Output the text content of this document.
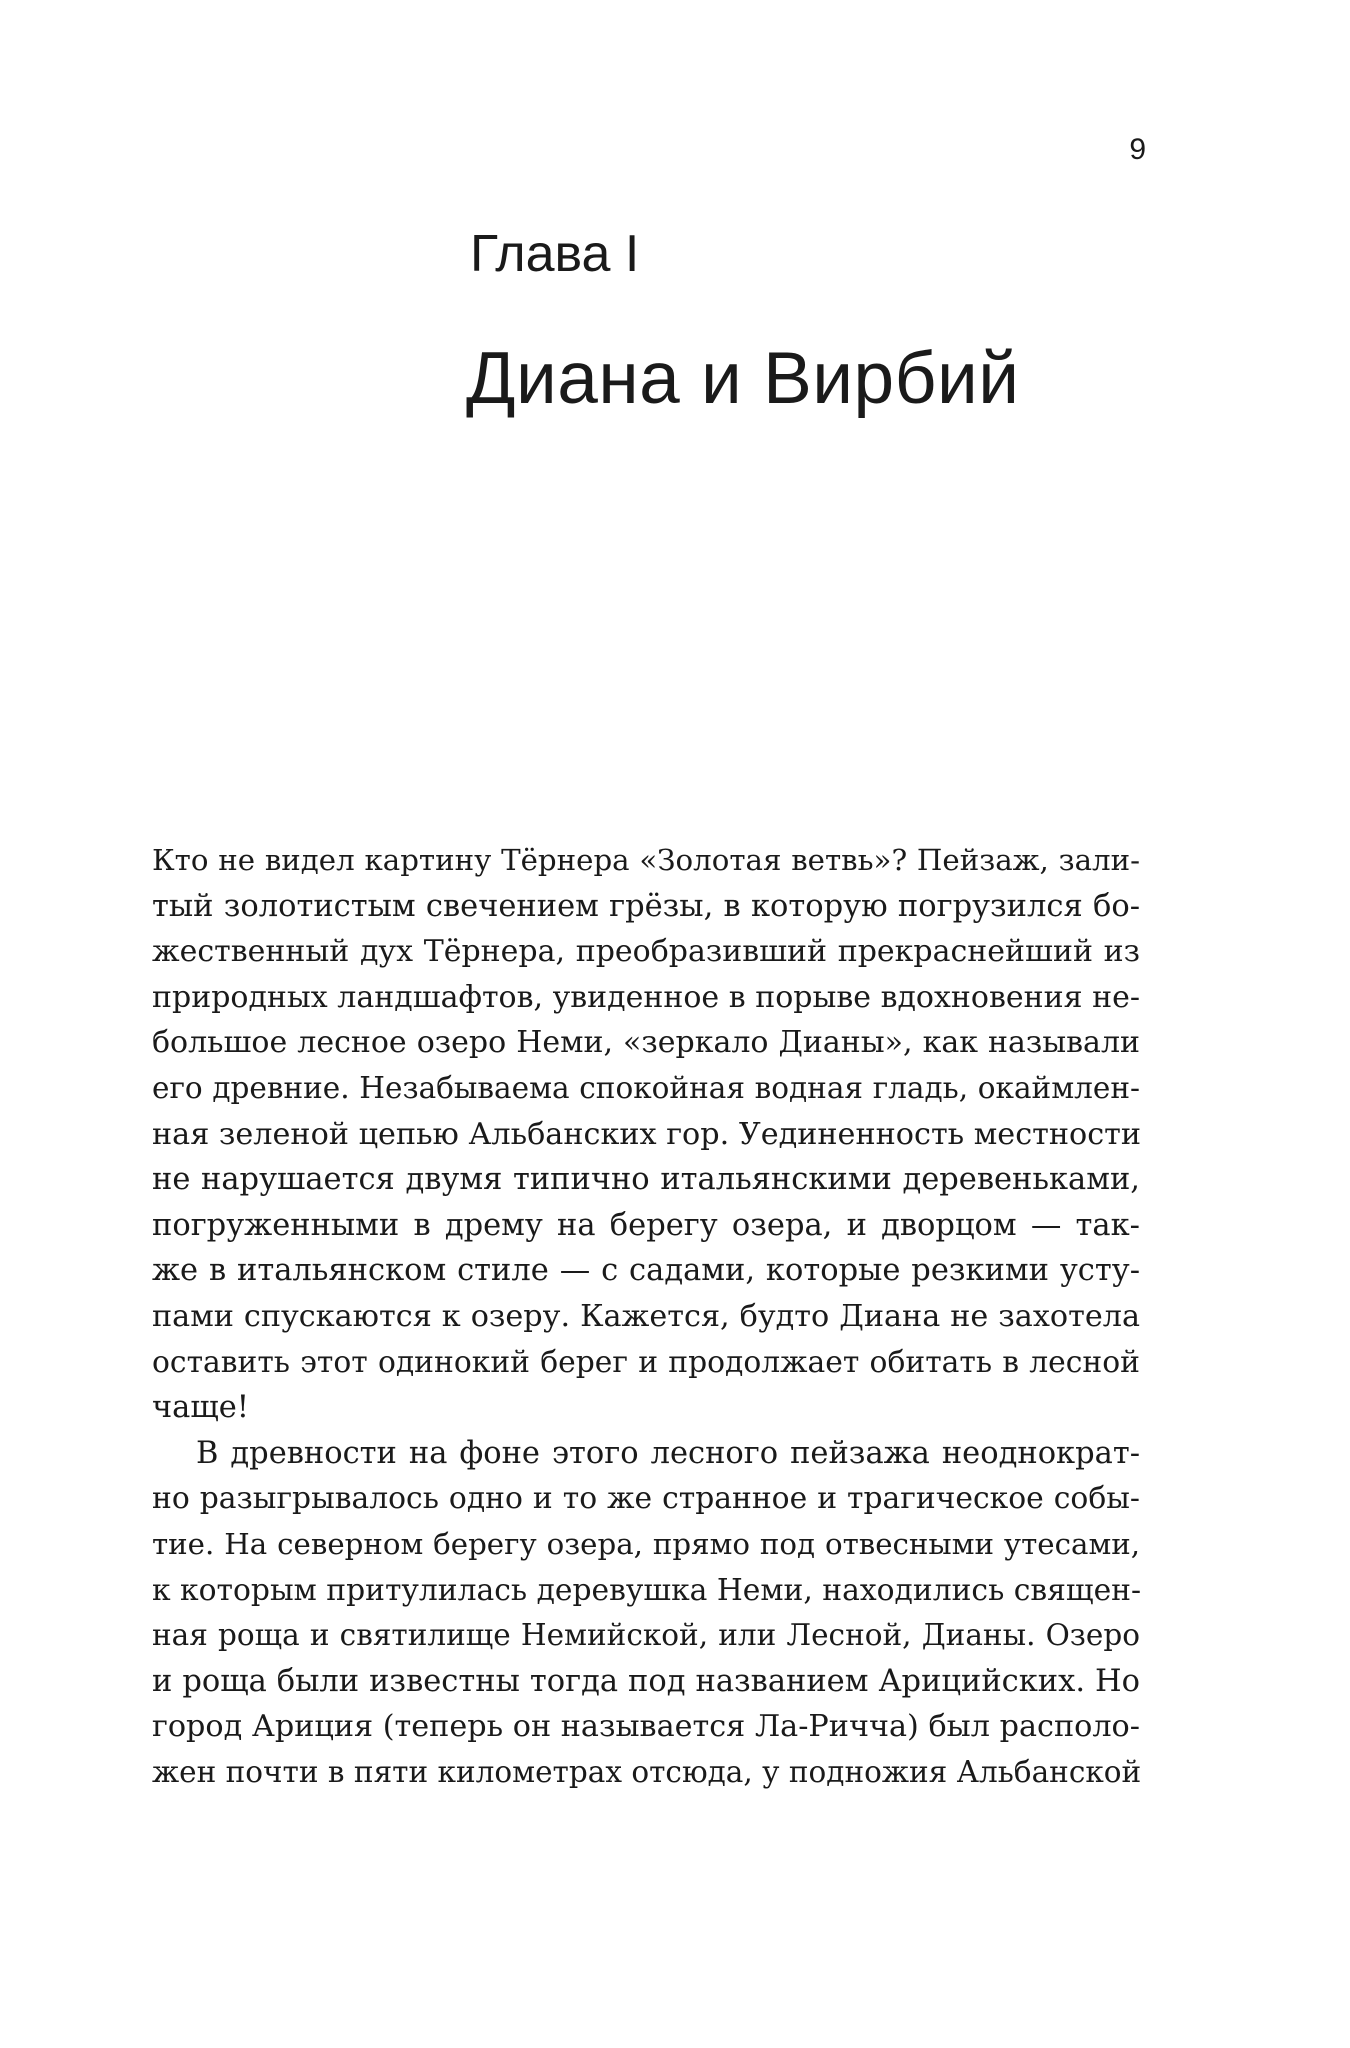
9
Глава I
Диана и Вирбий
Кто не видел картину Тёрнера «Золотая ветвь»? Пейзаж, зали-
тый золотистым свечением грёзы, в которую погрузился бо-
жественный дух Тёрнера, преобразивший прекраснейший из
природных ландшафтов, увиденное в порыве вдохновения не-
большое лесное озеро Неми, «зеркало Дианы», как называли
его древние. Незабываема спокойная водная гладь, окаймлен-
ная зеленой цепью Альбанских гор. Уединенность местности
не нарушается двумя типично итальянскими деревеньками,
погруженными в дрему на берегу озера, и дворцом — так-
же в итальянском стиле — с садами, которые резкими усту-
пами спускаются к озеру. Кажется, будто Диана не захотела
оставить этот одинокий берег и продолжает обитать в лесной
чаще!
В древности на фоне этого лесного пейзажа неоднократ-
но разыгрывалось одно и то же странное и трагическое собы-
тие. На северном берегу озера, прямо под отвесными утесами,
к которым притулилась деревушка Неми, находились священ-
ная роща и святилище Немийской, или Лесной, Дианы. Озеро
и роща были известны тогда под названием Арицийских. Но
город Ариция (теперь он называется Ла-Ричча) был располо-
жен почти в пяти километрах отсюда, у подножия Альбанской
